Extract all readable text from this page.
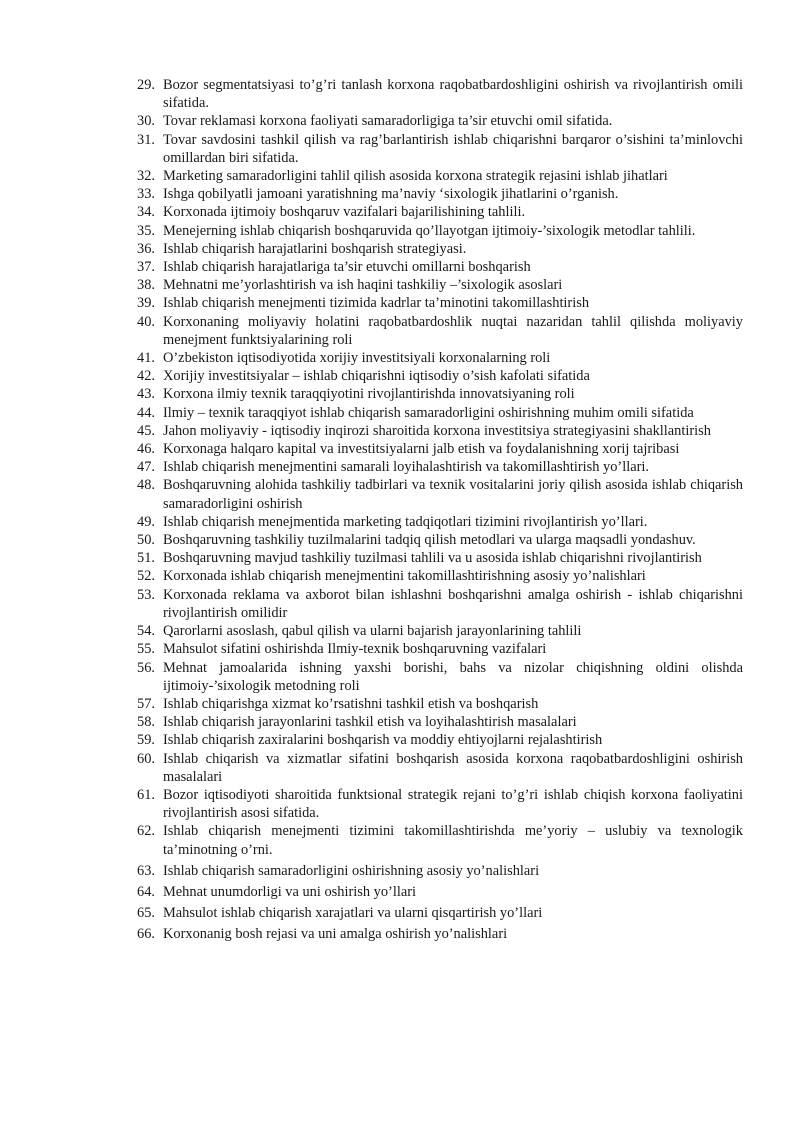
29. Bozor segmentatsiyasi to’g’ri tanlash korxona raqobatbardoshligini oshirish va rivojlantirish omili sifatida.
30. Tovar reklamasi korxona faoliyati samaradorligiga ta’sir etuvchi omil sifatida.
31. Tovar savdosini tashkil qilish va rag’barlantirish ishlab chiqarishni barqaror o’sishini ta’minlovchi omillardan biri sifatida.
32. Marketing samaradorligini tahlil qilish asosida korxona strategik rejasini ishlab jihatlari
33. Ishga qobilyatli jamoani yaratishning ma’naviy ‘sixologik jihatlarini o’rganish.
34. Korxonada ijtimoiy boshqaruv vazifalari bajarilishining tahlili.
35. Menejerning ishlab chiqarish boshqaruvida qo’llayotgan ijtimoiy-’sixologik metodlar tahlili.
36. Ishlab chiqarish harajatlarini boshqarish strategiyasi.
37. Ishlab chiqarish harajatlariga ta’sir etuvchi omillarni boshqarish
38. Mehnatni me’yorlashtirish va ish haqini tashkiliy –’sixologik asoslari
39. Ishlab chiqarish menejmenti tizimida kadrlar ta’minotini takomillashtirish
40. Korxonaning moliyaviy holatini raqobatbardoshlik nuqtai nazaridan tahlil qilishda moliyaviy menejment funktsiyalarining roli
41. O’zbekiston iqtisodiyotida xorijiy investitsiyali korxonalarning roli
42. Xorijiy investitsiyalar – ishlab chiqarishni iqtisodiy o’sish kafolati sifatida
43. Korxona ilmiy texnik taraqqiyotini rivojlantirishda innovatsiyaning roli
44. Ilmiy – texnik taraqqiyot ishlab chiqarish samaradorligini oshirishning muhim omili sifatida
45. Jahon moliyaviy - iqtisodiy inqirozi sharoitida korxona investitsiya strategiyasini shakllantirish
46. Korxonaga halqaro kapital va investitsiyalarni jalb etish va foydalanishning xorij tajribasi
47. Ishlab chiqarish menejmentini samarali loyihalashtirish va takomillashtirish yo’llari.
48. Boshqaruvning alohida tashkiliy tadbirlari va texnik vositalarini joriy qilish asosida ishlab chiqarish samaradorligini oshirish
49. Ishlab chiqarish menejmentida marketing tadqiqotlari tizimini rivojlantirish yo’llari.
50. Boshqaruvning tashkiliy tuzilmalarini tadqiq qilish metodlari va ularga maqsadli yondashuv.
51. Boshqaruvning mavjud tashkiliy tuzilmasi tahlili va u asosida ishlab chiqarishni rivojlantirish
52. Korxonada ishlab chiqarish menejmentini takomillashtirishning asosiy yo’nalishlari
53. Korxonada reklama va axborot bilan ishlashni boshqarishni amalga oshirish - ishlab chiqarishni rivojlantirish omilidir
54. Qarorlarni asoslash, qabul qilish va ularni bajarish jarayonlarining tahlili
55. Mahsulot sifatini oshirishda Ilmiy-texnik boshqaruvning vazifalari
56. Mehnat jamoalarida ishning yaxshi borishi, bahs va nizolar chiqishning oldini olishda ijtimoiy-’sixologik metodning roli
57. Ishlab chiqarishga xizmat ko’rsatishni tashkil etish va boshqarish
58. Ishlab chiqarish jarayonlarini tashkil etish va loyihalashtirish masalalari
59. Ishlab chiqarish zaxiralarini boshqarish va moddiy ehtiyojlarni rejalashtirish
60. Ishlab chiqarish va xizmatlar sifatini boshqarish asosida korxona raqobatbardoshligini oshirish masalalari
61. Bozor iqtisodiyoti sharoitida funktsional strategik rejani to’g’ri ishlab chiqish korxona faoliyatini rivojlantirish asosi sifatida.
62. Ishlab chiqarish menejmenti tizimini takomillashtirishda me’yoriy – uslubiy va texnologik ta’minotning o’rni.
63. Ishlab chiqarish samaradorligini oshirishning asosiy yo’nalishlari
64. Mehnat unumdorligi va uni oshirish yo’llari
65. Mahsulot ishlab chiqarish xarajatlari va ularni qisqartirish yo’llari
66. Korxonanig bosh rejasi va uni amalga oshirish yo’nalishlari
